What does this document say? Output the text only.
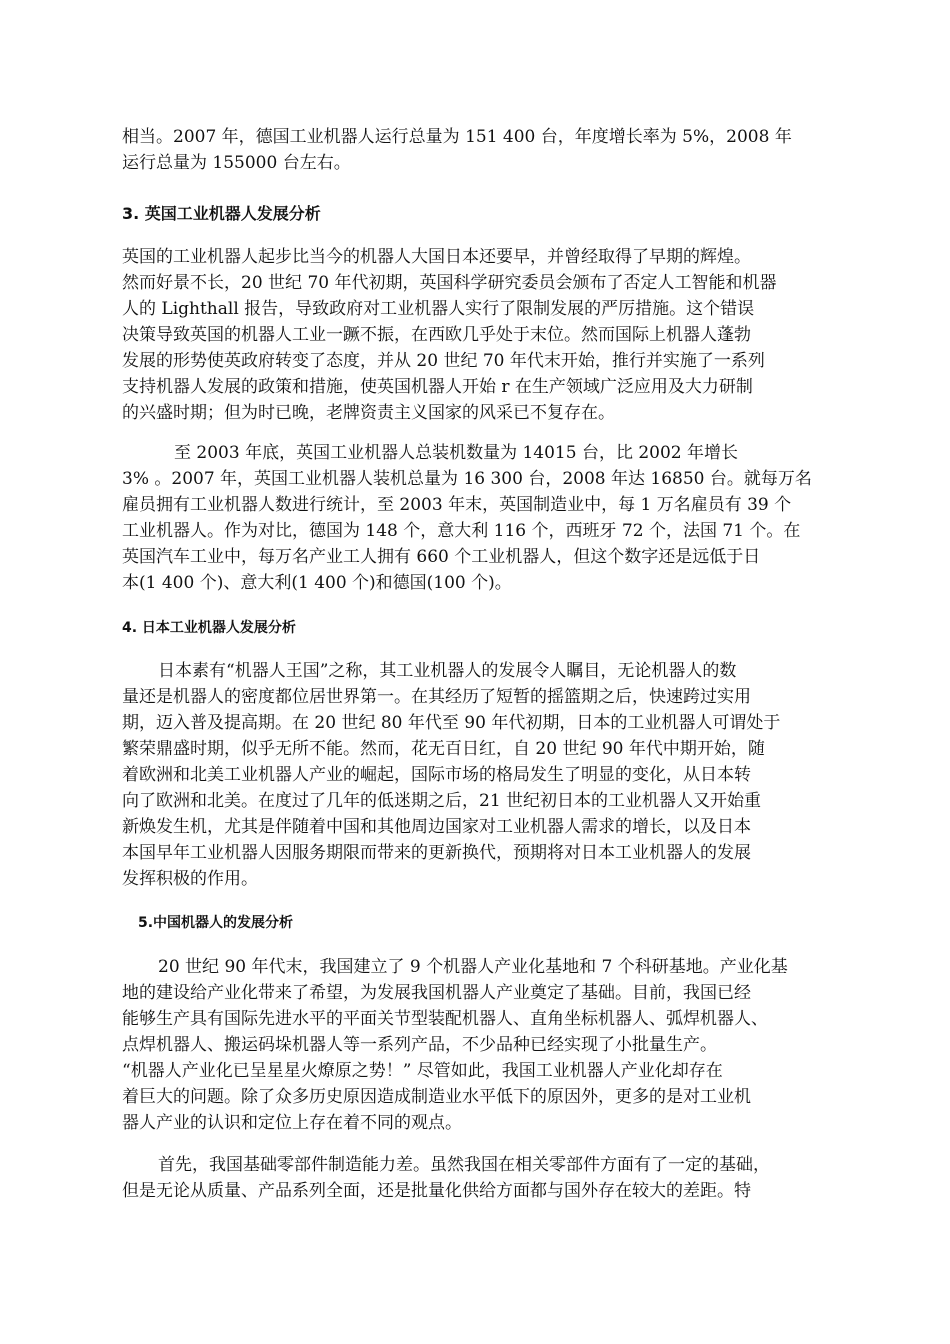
相当。2007 年，德国工业机器人运行总量为 151 400 台，年度增长率为 5%，2008 年

运行总量为 155000 台左右。

3. 英国工业机器人发展分析

英国的工业机器人起步比当今的机器人大国日本还要早，并曾经取得了早期的辉煌。

然而好景不长，20 世纪 70 年代初期，英国科学研究委员会颁布了否定人工智能和机器

人的 Lighthall 报告，导致政府对工业机器人实行了限制发展的严厉措施。这个错误

决策导致英国的机器人工业一蹶不振，在西欧几乎处于末位。然而国际上机器人蓬勃

发展的形势使英政府转变了态度，并从 20 世纪 70 年代末开始，推行并实施了一系列

支持机器人发展的政策和措施，使英国机器人开始 r 在生产领域广泛应用及大力研制

的兴盛时期；但为时已晚，老牌资责主义国家的风采已不复存在。

至 2003 年底，英国工业机器人总装机数量为 14015 台，比 2002 年增长

3% 。2007 年，英国工业机器人装机总量为 16 300 台，2008 年达 16850 台。就每万名

雇员拥有工业机器人数进行统计，至 2003 年末，英国制造业中，每 1 万名雇员有 39 个

工业机器人。作为对比，德国为 148 个，意大利 116 个，西班牙 72 个，法国 71 个。在

英国汽车工业中，每万名产业工人拥有 660 个工业机器人，但这个数字还是远低于日

本(1 400 个)、意大利(1 400 个)和德国(100 个)。

4. 日本工业机器人发展分析

日本素有“机器人王国”之称，其工业机器人的发展令人瞩目，无论机器人的数

量还是机器人的密度都位居世界第一。在其经历了短暂的摇篮期之后，快速跨过实用

期，迈入普及提高期。在 20 世纪 80 年代至 90 年代初期，日本的工业机器人可谓处于

繁荣鼎盛时期，似乎无所不能。然而，花无百日红，自 20 世纪 90 年代中期开始，随

着欧洲和北美工业机器人产业的崛起，国际市场的格局发生了明显的变化，从日本转

向了欧洲和北美。在度过了几年的低迷期之后，21 世纪初日本的工业机器人又开始重

新焕发生机，尤其是伴随着中国和其他周边国家对工业机器人需求的增长，以及日本

本国早年工业机器人因服务期限而带来的更新换代，预期将对日本工业机器人的发展

发挥积极的作用。

5.中国机器人的发展分析

20 世纪 90 年代末，我国建立了 9 个机器人产业化基地和 7 个科研基地。产业化基

地的建设给产业化带来了希望，为发展我国机器人产业奠定了基础。目前，我国已经

能够生产具有国际先进水平的平面关节型装配机器人、直角坐标机器人、弧焊机器人、

点焊机器人、搬运码垛机器人等一系列产品，不少品种已经实现了小批量生产。

“机器人产业化已呈星星火燎原之势！” 尽管如此，我国工业机器人产业化却存在

着巨大的问题。除了众多历史原因造成制造业水平低下的原因外，更多的是对工业机

器人产业的认识和定位上存在着不同的观点。

首先，我国基础零部件制造能力差。虽然我国在相关零部件方面有了一定的基础，

但是无论从质量、产品系列全面，还是批量化供给方面都与国外存在较大的差距。特
